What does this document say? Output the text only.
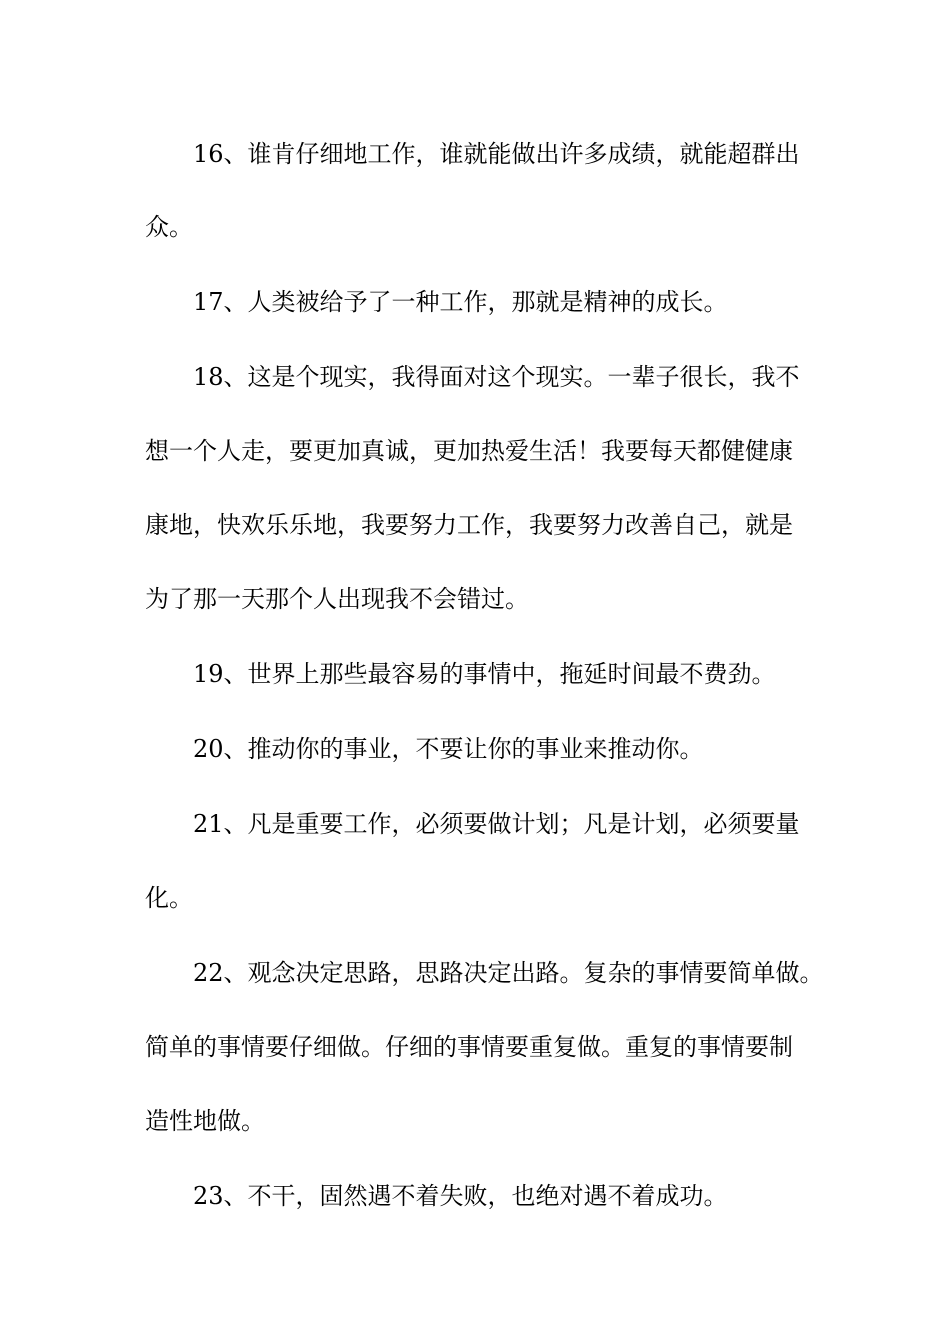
16、谁肯仔细地工作，谁就能做出许多成绩，就能超群出

众。

17、人类被给予了一种工作，那就是精神的成长。

18、这是个现实，我得面对这个现实。一辈子很长，我不

想一个人走，要更加真诚，更加热爱生活！我要每天都健健康

康地，快欢乐乐地，我要努力工作，我要努力改善自己，就是

为了那一天那个人出现我不会错过。

19、世界上那些最容易的事情中，拖延时间最不费劲。

20、推动你的事业，不要让你的事业来推动你。

21、凡是重要工作，必须要做计划；凡是计划，必须要量

化。

22、观念决定思路，思路决定出路。复杂的事情要简单做。

简单的事情要仔细做。仔细的事情要重复做。重复的事情要制

造性地做。

23、不干，固然遇不着失败，也绝对遇不着成功。
